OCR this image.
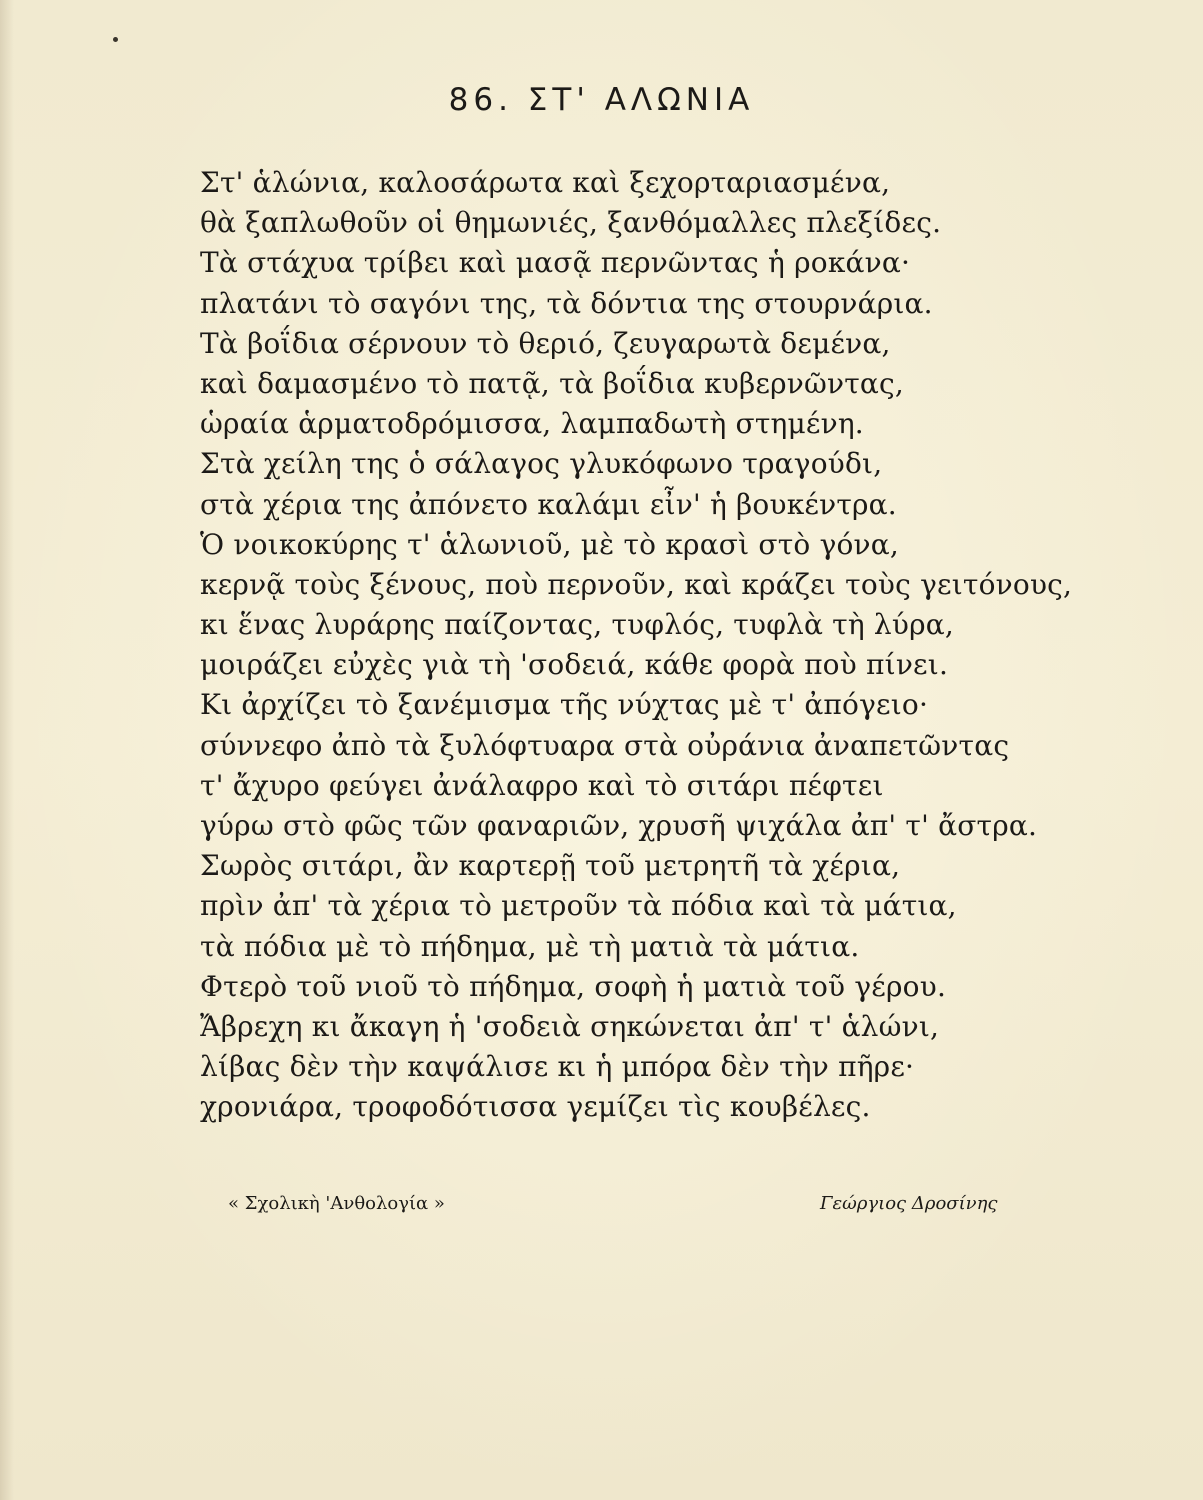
86. ΣΤ' ΑΛΩΝΙΑ
Στ' ἁλώνια, καλοσάρωτα καὶ ξεχορταριασμένα,
θὰ ξαπλωθοῦν οἱ θημωνιές, ξανθόμαλλες πλεξίδες.
Τὰ στάχυα τρίβει καὶ μασᾷ περνῶντας ἡ ροκάνα·
πλατάνι τὸ σαγόνι της, τὰ δόντια της στουρνάρια.
Τὰ βοΐδια σέρνουν τὸ θεριό, ζευγαρωτὰ δεμένα,
καὶ δαμασμένο τὸ πατᾷ, τὰ βοΐδια κυβερνῶντας,
ὡραία ἁρματοδρόμισσα, λαμπαδωτὴ στημένη.
Στὰ χείλη της ὁ σάλαγος γλυκόφωνο τραγούδι,
στὰ χέρια της ἀπόνετο καλάμι εἶν' ἡ βουκέντρα.
Ὁ νοικοκύρης τ' ἁλωνιοῦ, μὲ τὸ κρασὶ στὸ γόνα,
κερνᾷ τοὺς ξένους, ποὺ περνοῦν, καὶ κράζει τοὺς γειτόνους,
κι ἕνας λυράρης παίζοντας, τυφλός, τυφλὰ τὴ λύρα,
μοιράζει εὐχὲς γιὰ τὴ 'σοδειά, κάθε φορὰ ποὺ πίνει.
Κι ἀρχίζει τὸ ξανέμισμα τῆς νύχτας μὲ τ' ἀπόγειο·
σύννεφο ἀπὸ τὰ ξυλόφτυαρα στὰ οὐράνια ἀναπετῶντας
τ' ἄχυρο φεύγει ἀνάλαφρο καὶ τὸ σιτάρι πέφτει
γύρω στὸ φῶς τῶν φαναριῶν, χρυσῆ ψιχάλα ἀπ' τ' ἄστρα.
Σωρὸς σιτάρι, ἂν καρτερῇ τοῦ μετρητῆ τὰ χέρια,
πρὶν ἀπ' τὰ χέρια τὸ μετροῦν τὰ πόδια καὶ τὰ μάτια,
τὰ πόδια μὲ τὸ πήδημα, μὲ τὴ ματιὰ τὰ μάτια.
Φτερὸ τοῦ νιοῦ τὸ πήδημα, σοφὴ ἡ ματιὰ τοῦ γέρου.
Ἄβρεχη κι ἄκαγη ἡ 'σοδειὰ σηκώνεται ἀπ' τ' ἁλώνι,
λίβας δὲν τὴν καψάλισε κι ἡ μπόρα δὲν τὴν πῆρε·
χρονιάρα, τροφοδότισσα γεμίζει τὶς κουβέλες.
« Σχολικὴ 'Ανθολογία »	Γεώργιος Δροσίνης
